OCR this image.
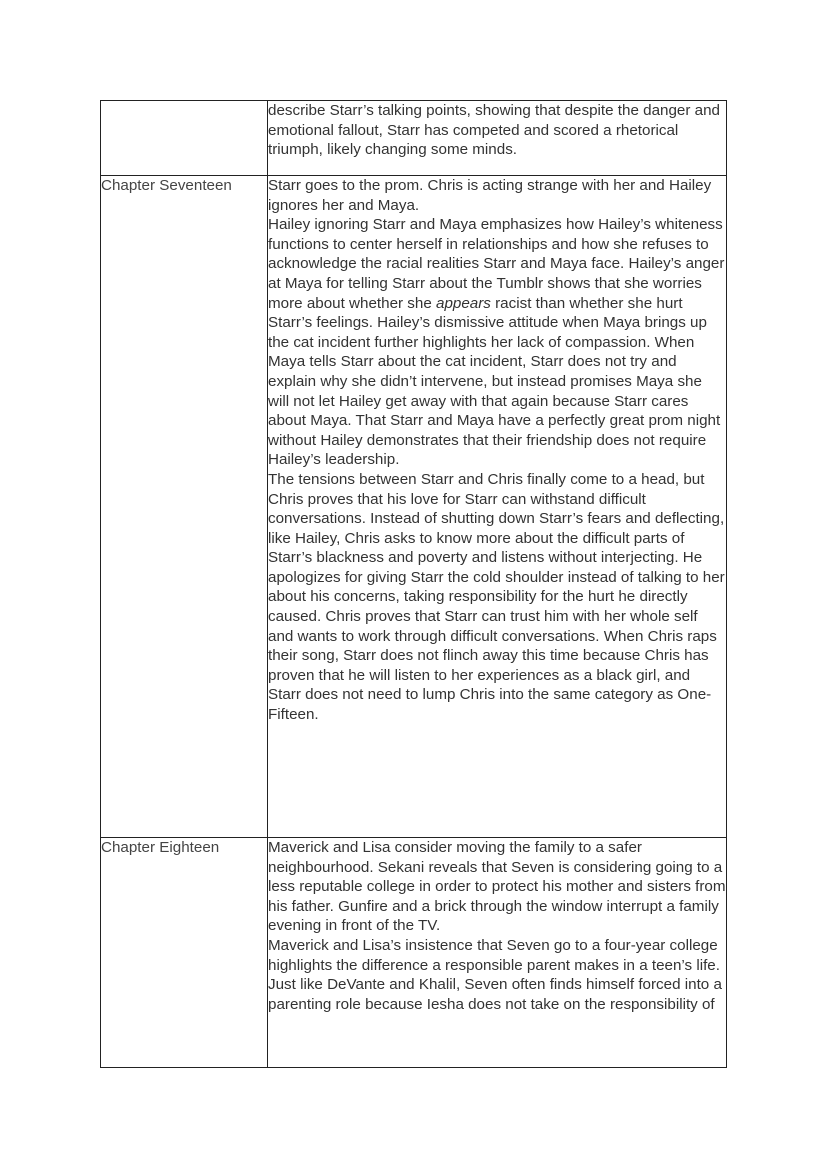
	describe Starr’s talking points, showing that despite the danger and emotional fallout, Starr has competed and scored a rhetorical triumph, likely changing some minds.

Chapter Seventeen	Starr goes to the prom. Chris is acting strange with her and Hailey ignores her and Maya.

Hailey ignoring Starr and Maya emphasizes how Hailey’s whiteness functions to center herself in relationships and how she refuses to acknowledge the racial realities Starr and Maya face. Hailey’s anger at Maya for telling Starr about the Tumblr shows that she worries more about whether she appears racist than whether she hurt Starr’s feelings. Hailey’s dismissive attitude when Maya brings up the cat incident further highlights her lack of compassion. When Maya tells Starr about the cat incident, Starr does not try and explain why she didn’t intervene, but instead promises Maya she will not let Hailey get away with that again because Starr cares about Maya. That Starr and Maya have a perfectly great prom night without Hailey demonstrates that their friendship does not require Hailey’s leadership.

The tensions between Starr and Chris finally come to a head, but Chris proves that his love for Starr can withstand difficult conversations. Instead of shutting down Starr’s fears and deflecting, like Hailey, Chris asks to know more about the difficult parts of Starr’s blackness and poverty and listens without interjecting. He apologizes for giving Starr the cold shoulder instead of talking to her about his concerns, taking responsibility for the hurt he directly caused. Chris proves that Starr can trust him with her whole self and wants to work through difficult conversations. When Chris raps their song, Starr does not flinch away this time because Chris has proven that he will listen to her experiences as a black girl, and Starr does not need to lump Chris into the same category as One-Fifteen.

Chapter Eighteen	Maverick and Lisa consider moving the family to a safer neighbourhood. Sekani reveals that Seven is considering going to a less reputable college in order to protect his mother and sisters from his father. Gunfire and a brick through the window interrupt a family evening in front of the TV.

Maverick and Lisa’s insistence that Seven go to a four-year college highlights the difference a responsible parent makes in a teen’s life. Just like DeVante and Khalil, Seven often finds himself forced into a parenting role because Iesha does not take on the responsibility of
